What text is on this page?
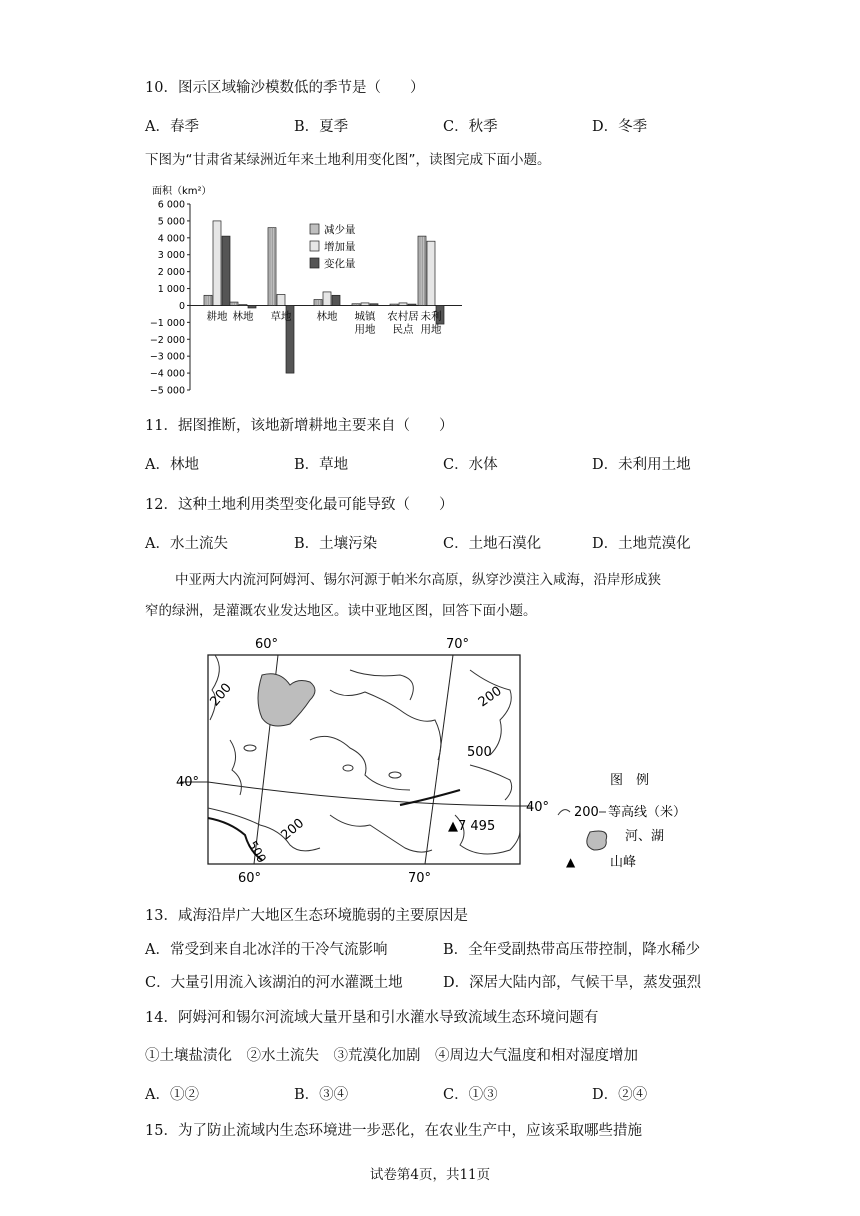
10．图示区域输沙模数低的季节是（　　）
A．春季	B．夏季	C．秋季	D．冬季
下图为“甘肃省某绿洲近年来土地利用变化图”，读图完成下面小题。
面积（km²）
6 000
5 000
4 000
3 000
2 000
1 000
0
−1 000
−2 000
−3 000
−4 000
−5 000
耕地 林地 草地 林地 城镇
用地
农村居
民点
未利
用地
减少量
增加量
变化量
11．据图推断，该地新增耕地主要来自（　　）
A．林地	B．草地	C．水体	D．未利用土地
12．这种土地利用类型变化最可能导致（　　）
A．水土流失	B．土壤污染	C．土地石漠化	D．土地荒漠化
中亚两大内流河阿姆河、锡尔河源于帕米尔高原，纵穿沙漠注入咸海，沿岸形成狭
窄的绿洲，是灌溉农业发达地区。读中亚地区图，回答下面小题。
60°	70°
60°	70°
40°
40°
200	200
500
200
500
▲7 495
图　例
200 等高线（米）
河、湖
▲	山峰
13．咸海沿岸广大地区生态环境脆弱的主要原因是
A．常受到来自北冰洋的干冷气流影响	B．全年受副热带高压带控制，降水稀少
C．大量引用流入该湖泊的河水灌溉土地	D．深居大陆内部，气候干旱，蒸发强烈
14．阿姆河和锡尔河流域大量开垦和引水灌水导致流域生态环境问题有
①土壤盐渍化　②水土流失　③荒漠化加剧　④周边大气温度和相对湿度增加
A．①②	B．③④	C．①③	D．②④
15．为了防止流域内生态环境进一步恶化，在农业生产中，应该采取哪些措施
试卷第4页，共11页
